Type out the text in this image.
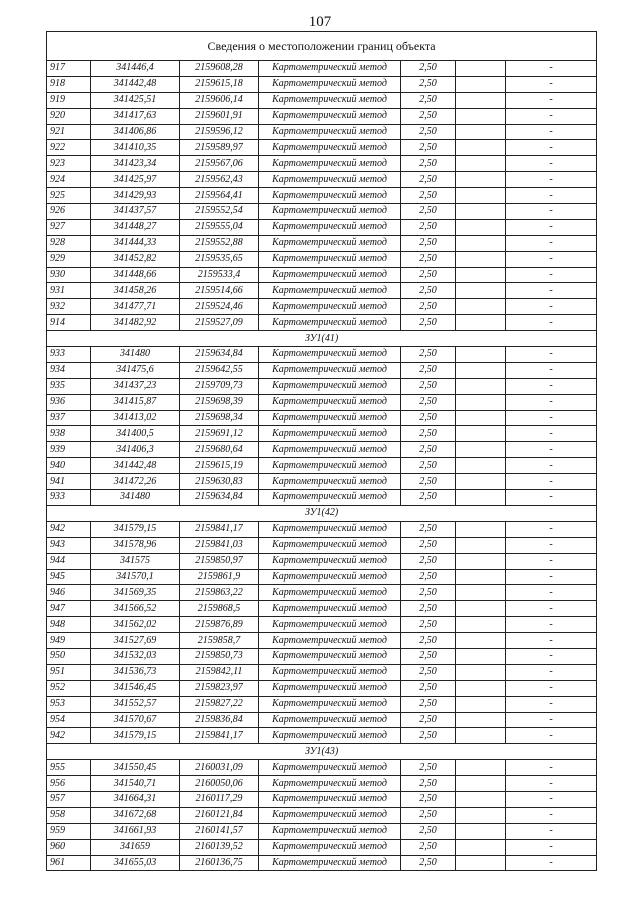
107
Сведения о местоположении границ объекта						
917	341446,4	2159608,28	Картометрический метод	2,50		-
918	341442,48	2159615,18	Картометрический метод	2,50		-
919	341425,51	2159606,14	Картометрический метод	2,50		-
920	341417,63	2159601,91	Картометрический метод	2,50		-
921	341406,86	2159596,12	Картометрический метод	2,50		-
922	341410,35	2159589,97	Картометрический метод	2,50		-
923	341423,34	2159567,06	Картометрический метод	2,50		-
924	341425,97	2159562,43	Картометрический метод	2,50		-
925	341429,93	2159564,41	Картометрический метод	2,50		-
926	341437,57	2159552,54	Картометрический метод	2,50		-
927	341448,27	2159555,04	Картометрический метод	2,50		-
928	341444,33	2159552,88	Картометрический метод	2,50		-
929	341452,82	2159535,65	Картометрический метод	2,50		-
930	341448,66	2159533,4	Картометрический метод	2,50		-
931	341458,26	2159514,66	Картометрический метод	2,50		-
932	341477,71	2159524,46	Картометрический метод	2,50		-
914	341482,92	2159527,09	Картометрический метод	2,50		-
ЗУ1(41)						
933	341480	2159634,84	Картометрический метод	2,50		-
934	341475,6	2159642,55	Картометрический метод	2,50		-
935	341437,23	2159709,73	Картометрический метод	2,50		-
936	341415,87	2159698,39	Картометрический метод	2,50		-
937	341413,02	2159698,34	Картометрический метод	2,50		-
938	341400,5	2159691,12	Картометрический метод	2,50		-
939	341406,3	2159680,64	Картометрический метод	2,50		-
940	341442,48	2159615,19	Картометрический метод	2,50		-
941	341472,26	2159630,83	Картометрический метод	2,50		-
933	341480	2159634,84	Картометрический метод	2,50		-
ЗУ1(42)						
942	341579,15	2159841,17	Картометрический метод	2,50		-
943	341578,96	2159841,03	Картометрический метод	2,50		-
944	341575	2159850,97	Картометрический метод	2,50		-
945	341570,1	2159861,9	Картометрический метод	2,50		-
946	341569,35	2159863,22	Картометрический метод	2,50		-
947	341566,52	2159868,5	Картометрический метод	2,50		-
948	341562,02	2159876,89	Картометрический метод	2,50		-
949	341527,69	2159858,7	Картометрический метод	2,50		-
950	341532,03	2159850,73	Картометрический метод	2,50		-
951	341536,73	2159842,11	Картометрический метод	2,50		-
952	341546,45	2159823,97	Картометрический метод	2,50		-
953	341552,57	2159827,22	Картометрический метод	2,50		-
954	341570,67	2159836,84	Картометрический метод	2,50		-
942	341579,15	2159841,17	Картометрический метод	2,50		-
ЗУ1(43)						
955	341550,45	2160031,09	Картометрический метод	2,50		-
956	341540,71	2160050,06	Картометрический метод	2,50		-
957	341664,31	2160117,29	Картометрический метод	2,50		-
958	341672,68	2160121,84	Картометрический метод	2,50		-
959	341661,93	2160141,57	Картометрический метод	2,50		-
960	341659	2160139,52	Картометрический метод	2,50		-
961	341655,03	2160136,75	Картометрический метод	2,50		-
